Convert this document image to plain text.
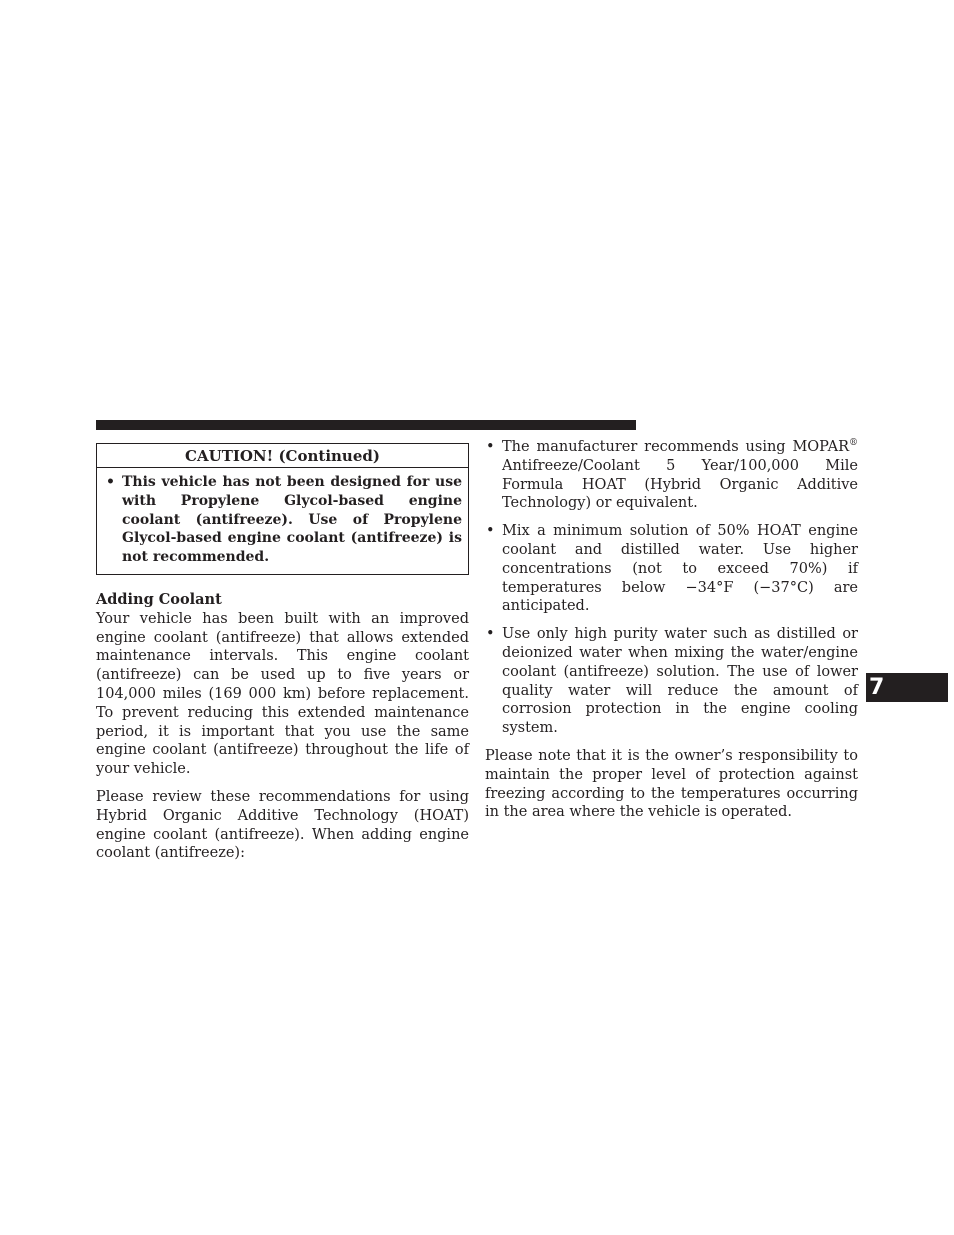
CAUTION! (Continued)
• This vehicle has not been designed for use with Propylene Glycol-based engine coolant (antifreeze). Use of Propylene Glycol-based engine coolant (antifreeze) is not recommended.
Adding Coolant

Your vehicle has been built with an improved engine coolant (antifreeze) that allows extended maintenance intervals. This engine coolant (antifreeze) can be used up to five years or 104,000 miles (169 000 km) before replacement. To prevent reducing this extended maintenance period, it is important that you use the same engine coolant (antifreeze) throughout the life of your vehicle.

Please review these recommendations for using Hybrid Organic Additive Technology (HOAT) engine coolant (antifreeze). When adding engine coolant (antifreeze):

• The manufacturer recommends using MOPAR® Antifreeze/Coolant 5 Year/100,000 Mile Formula HOAT (Hybrid Organic Additive Technology) or equivalent.
• Mix a minimum solution of 50% HOAT engine coolant and distilled water. Use higher concentrations (not to exceed 70%) if temperatures below −34°F (−37°C) are anticipated.
• Use only high purity water such as distilled or deionized water when mixing the water/engine coolant (antifreeze) solution. The use of lower quality water will reduce the amount of corrosion protection in the engine cooling system.

Please note that it is the owner’s responsibility to maintain the proper level of protection against freezing according to the temperatures occurring in the area where the vehicle is operated.

7
